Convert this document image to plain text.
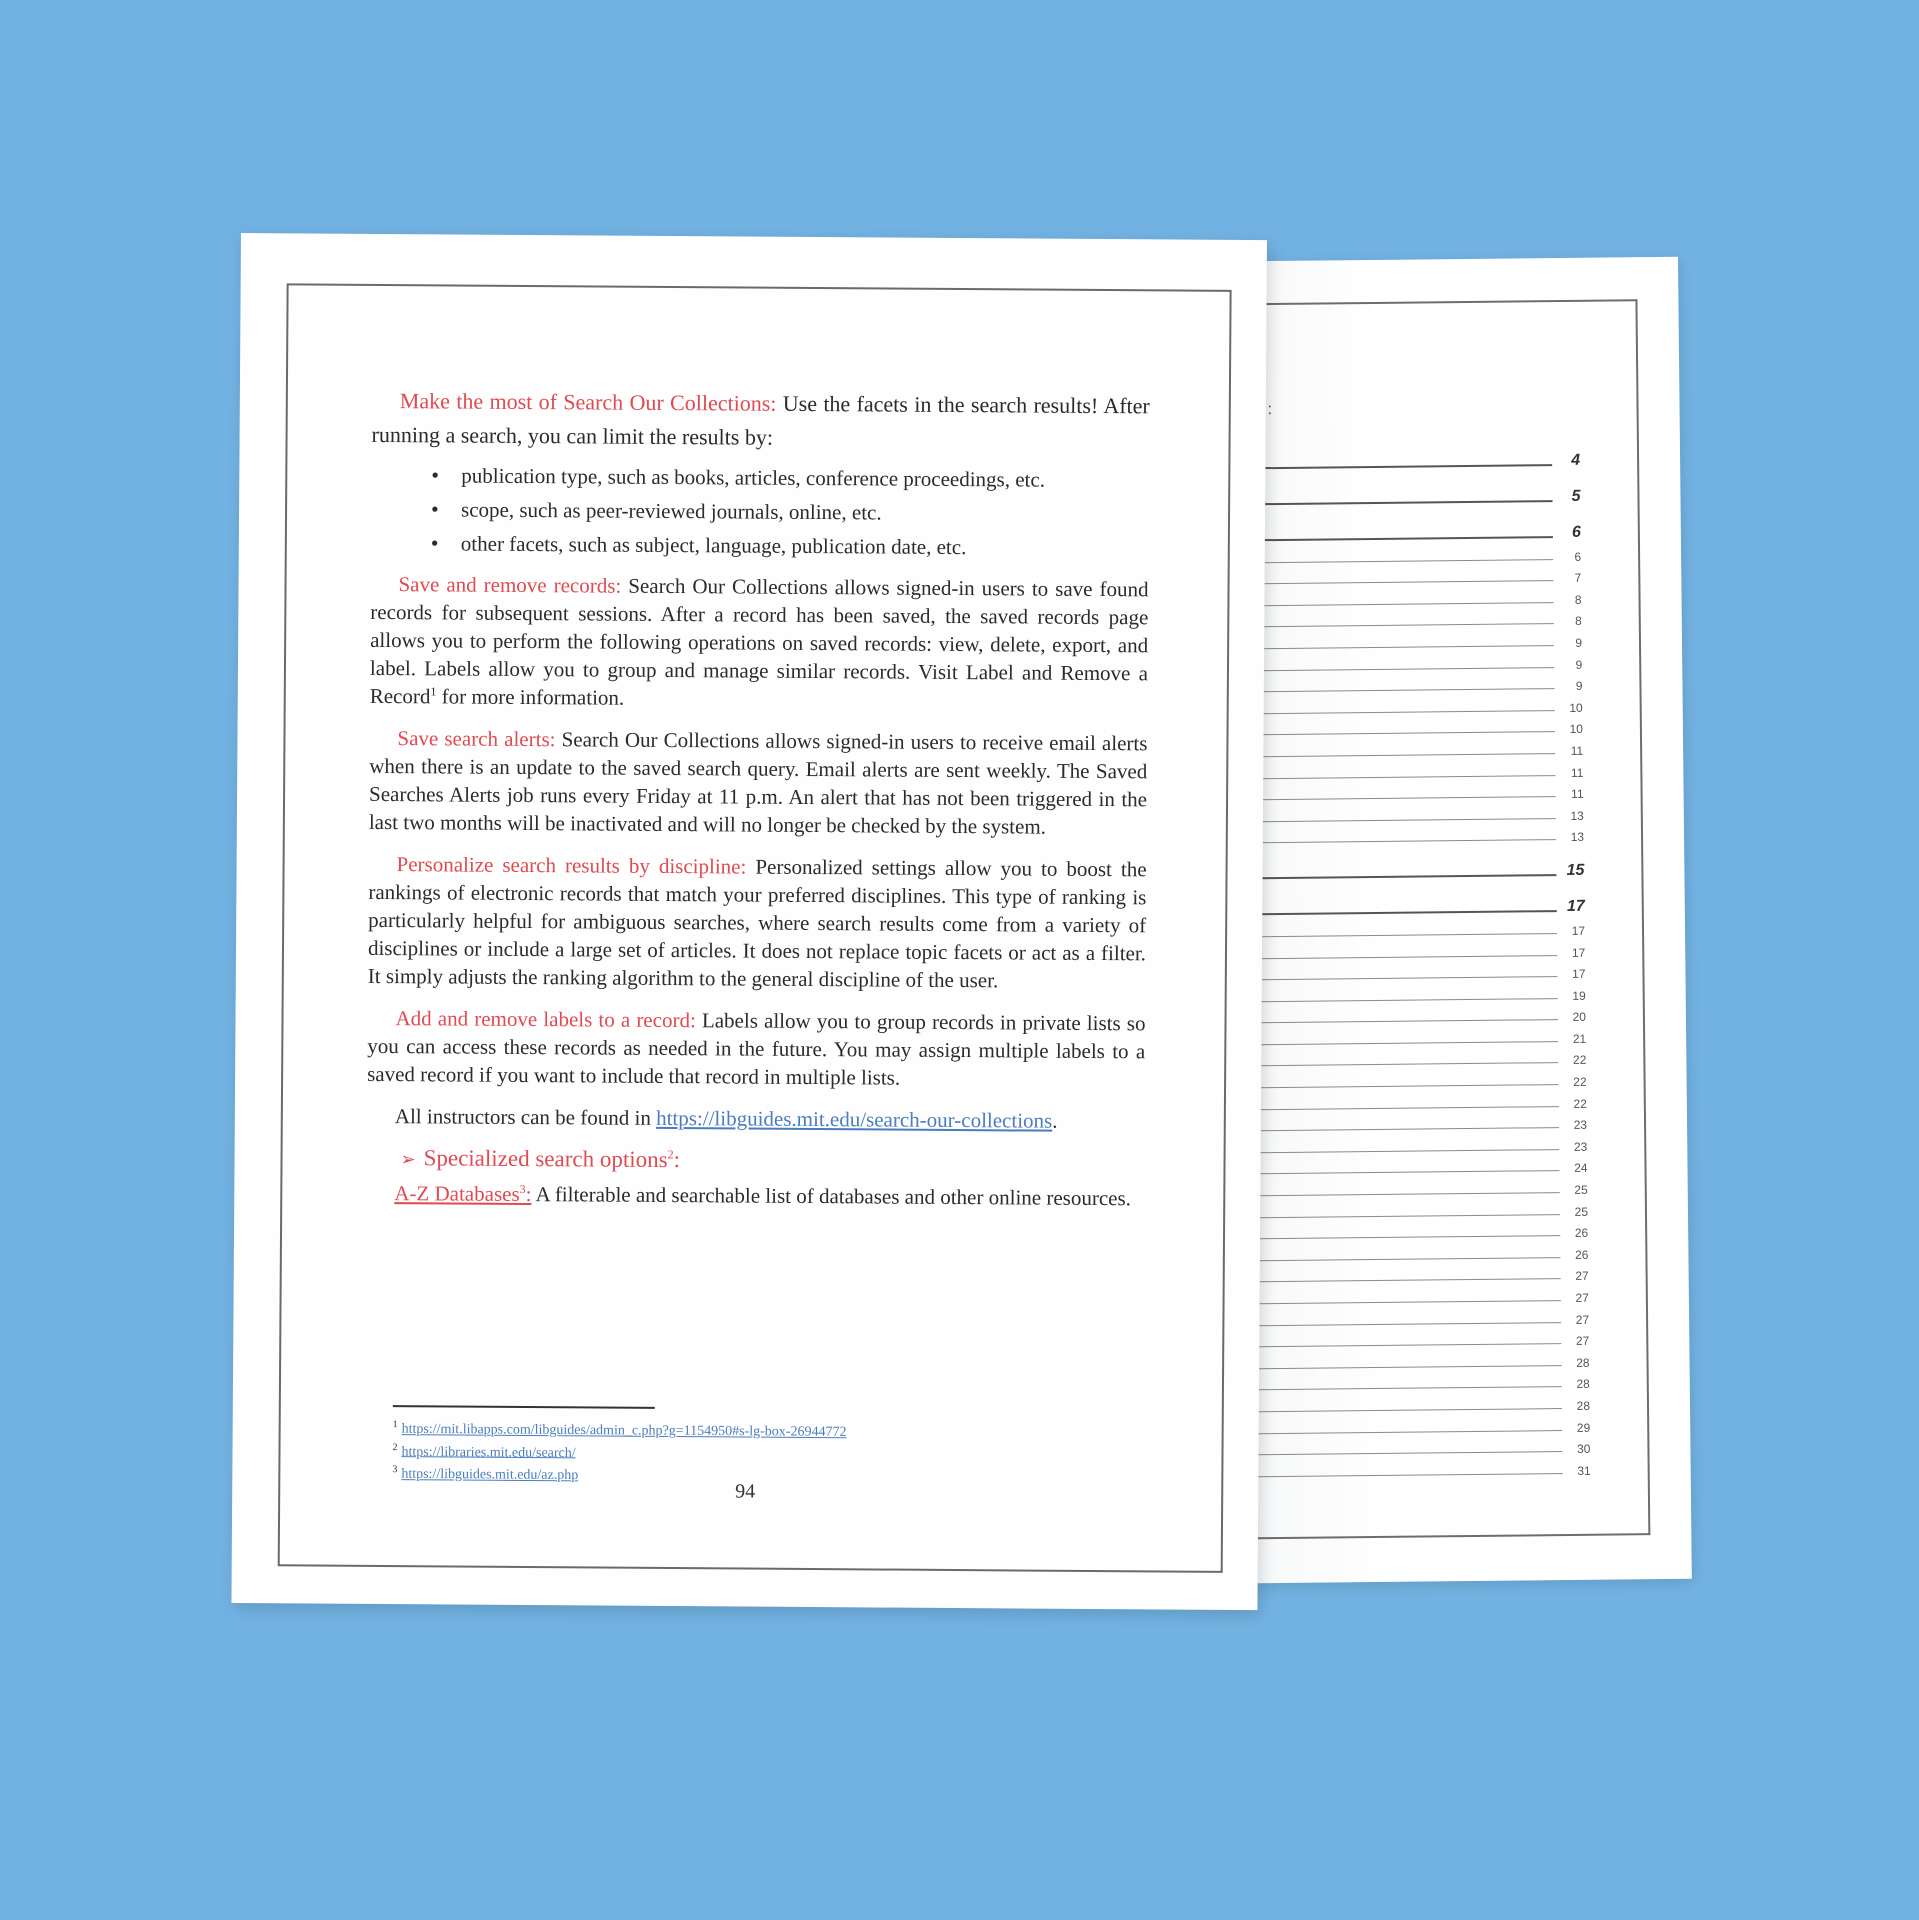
:
4
5
6
6
7
8
8
9
9
9
10
10
11
11
11
13
13
15
17
17
17
17
19
20
21
22
22
22
23
23
24
25
25
26
26
27
27
27
27
28
28
28
29
30
31

Make the most of Search Our Collections: Use the facets in the search results! After running a search, you can limit the results by:

• publication type, such as books, articles, conference proceedings, etc.
• scope, such as peer-reviewed journals, online, etc.
• other facets, such as subject, language, publication date, etc.

Save and remove records: Search Our Collections allows signed-in users to save found records for subsequent sessions. After a record has been saved, the saved records page allows you to perform the following operations on saved records: view, delete, export, and label. Labels allow you to group and manage similar records. Visit Label and Remove a Record$^1$ for more information.

Save search alerts: Search Our Collections allows signed-in users to receive email alerts when there is an update to the saved search query. Email alerts are sent weekly. The Saved Searches Alerts job runs every Friday at 11 p.m. An alert that has not been triggered in the last two months will be inactivated and will no longer be checked by the system.

Personalize search results by discipline: Personalized settings allow you to boost the rankings of electronic records that match your preferred disciplines. This type of ranking is particularly helpful for ambiguous searches, where search results come from a variety of disciplines or include a large set of articles. It does not replace topic facets or act as a filter. It simply adjusts the ranking algorithm to the general discipline of the user.

Add and remove labels to a record: Labels allow you to group records in private lists so you can access these records as needed in the future. You may assign multiple labels to a saved record if you want to include that record in multiple lists.

All instructors can be found in https://libguides.mit.edu/search-our-collections.

➢ Specialized search options$^2$:

A-Z Databases$^3$: A filterable and searchable list of databases and other online resources.

$^1$ https://mit.libapps.com/libguides/admin_c.php?g=1154950#s-lg-box-26944772
$^2$ https://libraries.mit.edu/search/
$^3$ https://libguides.mit.edu/az.php
94
